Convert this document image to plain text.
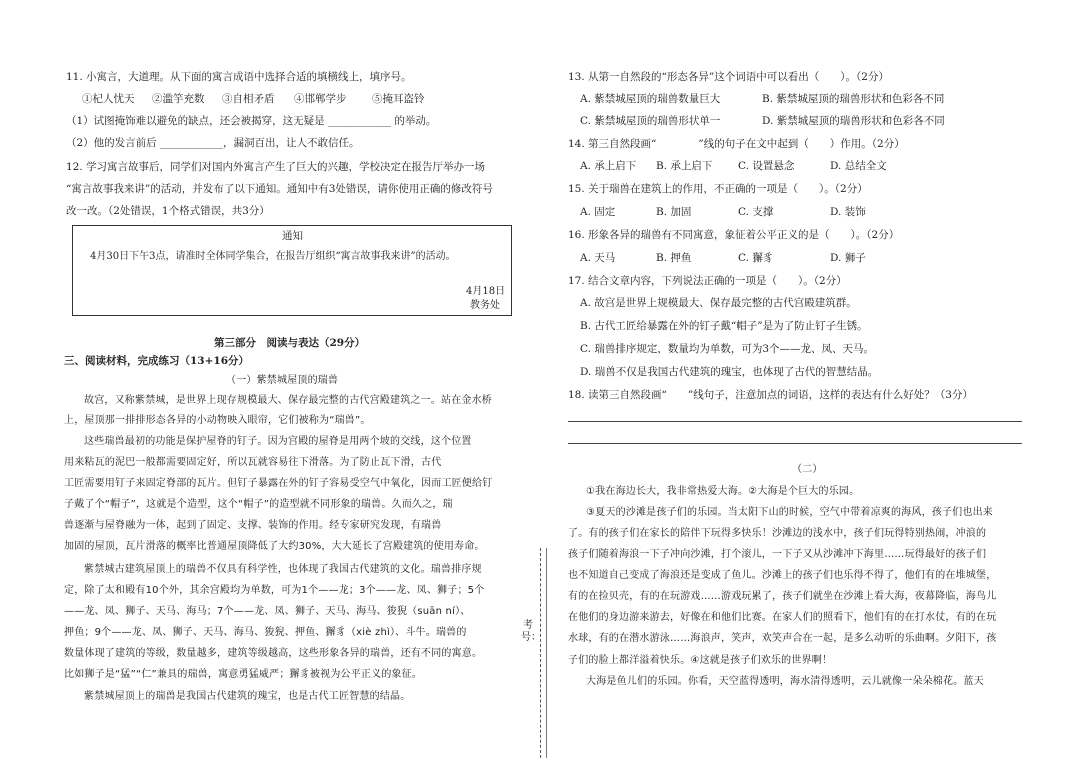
11. 小寓言，大道理。从下面的寓言成语中选择合适的填横线上，填序号。
①杞人忧天 ②滥竽充数 ③自相矛盾 ④邯郸学步 ⑤掩耳盗铃
（1）试图掩饰难以避免的缺点，还会被揭穿，这无疑是 ____________ 的举动。
（2）他的发言前后 ____________，漏洞百出，让人不敢信任。
12. 学习寓言故事后，同学们对国内外寓言产生了巨大的兴趣，学校决定在报告厅举办一场
“寓言故事我来讲”的活动，并发布了以下通知。通知中有3处错误，请你使用正确的修改符号
改一改。（2处错误，1个格式错误，共3分）
通知
4月30日下午3点，请准时全体同学集合，在报告厅组织“寓言故事我来讲”的活动。
4月18日
教务处
第三部分　阅读与表达（29分）
三、阅读材料，完成练习（13+16分）
（一）紫禁城屋顶的瑞兽
故宫，又称紫禁城，是世界上现存规模最大、保存最完整的古代宫殿建筑之一。站在金水桥
上，屋顶那一排排形态各异的小动物映入眼帘，它们被称为“瑞兽”。
这些瑞兽最初的功能是保护屋脊的钉子。因为宫殿的屋脊是用两个坡的交线，这个位置
用来粘瓦的泥巴一般都需要固定好，所以瓦就容易往下滑落。为了防止瓦下滑，古代
工匠需要用钉子来固定脊部的瓦片。但钉子暴露在外的钉子容易受空气中氧化，因而工匠便给钉
子戴了个“帽子”，这就是个造型，这个“帽子”的造型就不同形象的瑞兽。久而久之，瑞
兽逐渐与屋脊融为一体，起到了固定、支撑、装饰的作用。经专家研究发现，有瑞兽
加固的屋顶，瓦片滑落的概率比普通屋顶降低了大约30%，大大延长了宫殿建筑的使用寿命。
紫禁城古建筑屋顶上的瑞兽不仅具有科学性，也体现了我国古代建筑的文化。瑞兽排序规
定，除了太和殿有10个外，其余宫殿均为单数，可为1个——龙；3个——龙、凤、狮子；5个
——龙、凤、狮子、天马、海马；7个——龙、凤、狮子、天马、海马、狻猊（suān ní）、
押鱼；9个——龙、凤、狮子、天马、海马、狻猊、押鱼、獬豸（xiè zhì）、斗牛。瑞兽的
数量体现了建筑的等级，数量越多，建筑等级越高，这些形象各异的瑞兽，还有不同的寓意。
比如狮子是“猛”“仁”兼具的瑞兽，寓意勇猛威严；獬豸被视为公平正义的象征。
紫禁城屋顶上的瑞兽是我国古代建筑的瑰宝，也是古代工匠智慧的结晶。
考号：
13. 从第一自然段的“形态各异”这个词语中可以看出（　　）。（2分）
A. 紫禁城屋顶的瑞兽数量巨大	B. 紫禁城屋顶的瑞兽形状和色彩各不同
C. 紫禁城屋顶的瑞兽形状单一	D. 紫禁城屋顶的瑞兽形状和色彩各不同
14. 第三自然段画“　　　　”线的句子在文中起到（　　）作用。（2分）
A. 承上启下 B. 承上启下 C. 设置悬念	D. 总结全文
15. 关于瑞兽在建筑上的作用，不正确的一项是（　　）。（2分）
A. 固定	B. 加固	C. 支撑	D. 装饰
16. 形象各异的瑞兽有不同寓意，象征着公平正义的是（　　）。（2分）
A. 天马	B. 押鱼	C. 獬豸	D. 狮子
17. 结合文章内容，下列说法正确的一项是（　　）。（2分）
A. 故宫是世界上规模最大、保存最完整的古代宫殿建筑群。
B. 古代工匠给暴露在外的钉子戴“帽子”是为了防止钉子生锈。
C. 瑞兽排序规定，数量均为单数，可为3个——龙、凤、天马。
D. 瑞兽不仅是我国古代建筑的瑰宝，也体现了古代的智慧结晶。
18. 读第三自然段画“　　”线句子，注意加点的词语，这样的表达有什么好处？（3分）
（二）
①我在海边长大，我非常热爱大海。②大海是个巨大的乐园。
③夏天的沙滩是孩子们的乐园。当太阳下山的时候，空气中带着凉爽的海风，孩子们也出来
了。有的孩子们在家长的陪伴下玩得多快乐！沙滩边的浅水中，孩子们玩得特别热闹，冲浪的
孩子们随着海浪一下子冲向沙滩，打个滚儿，一下子又从沙滩冲下海里……玩得最好的孩子们
也不知道自己变成了海浪还是变成了鱼儿。沙滩上的孩子们也乐得不得了，他们有的在堆城堡，
有的在捡贝壳，有的在玩游戏……游戏玩累了，孩子们就坐在沙滩上看大海，夜幕降临，海鸟儿
在他们的身边游来游去，好像在和他们比赛。在家人们的照看下，他们有的在打水仗，有的在玩
水球，有的在潜水游泳……海浪声，笑声，欢笑声合在一起，是多么动听的乐曲啊。夕阳下，孩
子们的脸上都洋溢着快乐。④这就是孩子们欢乐的世界啊！
大海是鱼儿们的乐园。你看，天空蓝得透明，海水清得透明，云儿就像一朵朵棉花。蓝天
